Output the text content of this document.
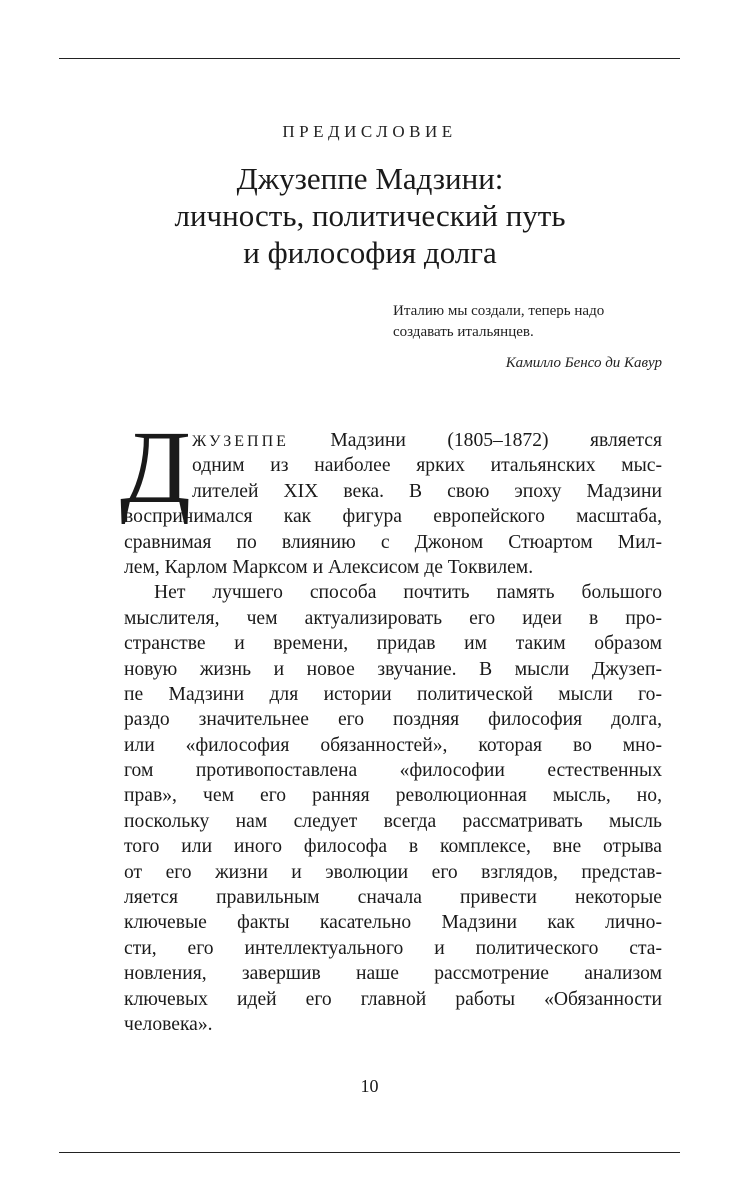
ПРЕДИСЛОВИЕ
Джузеппе Мадзини:
личность, политический путь
и философия долга
Италию мы создали, теперь надо
создавать итальянцев.
Камилло Бенсо ди Кавур
Д ЖУЗЕППЕ Мадзини (1805–1872) является
одним из наиболее ярких итальянских мыс-
лителей XIX века. В свою эпоху Мадзини
воспринимался как фигура европейского масштаба,
сравнимая по влиянию с Джоном Стюартом Мил-
лем, Карлом Марксом и Алексисом де Токвилем.
Нет лучшего способа почтить память большого
мыслителя, чем актуализировать его идеи в про-
странстве и времени, придав им таким образом
новую жизнь и новое звучание. В мысли Джузеп-
пе Мадзини для истории политической мысли го-
раздо значительнее его поздняя философия долга,
или «философия обязанностей», которая во мно-
гом противопоставлена «философии естественных
прав», чем его ранняя революционная мысль, но,
поскольку нам следует всегда рассматривать мысль
того или иного философа в комплексе, вне отрыва
от его жизни и эволюции его взглядов, представ-
ляется правильным сначала привести некоторые
ключевые факты касательно Мадзини как лично-
сти, его интеллектуального и политического ста-
новления, завершив наше рассмотрение анализом
ключевых идей его главной работы «Обязанности
человека».
10
